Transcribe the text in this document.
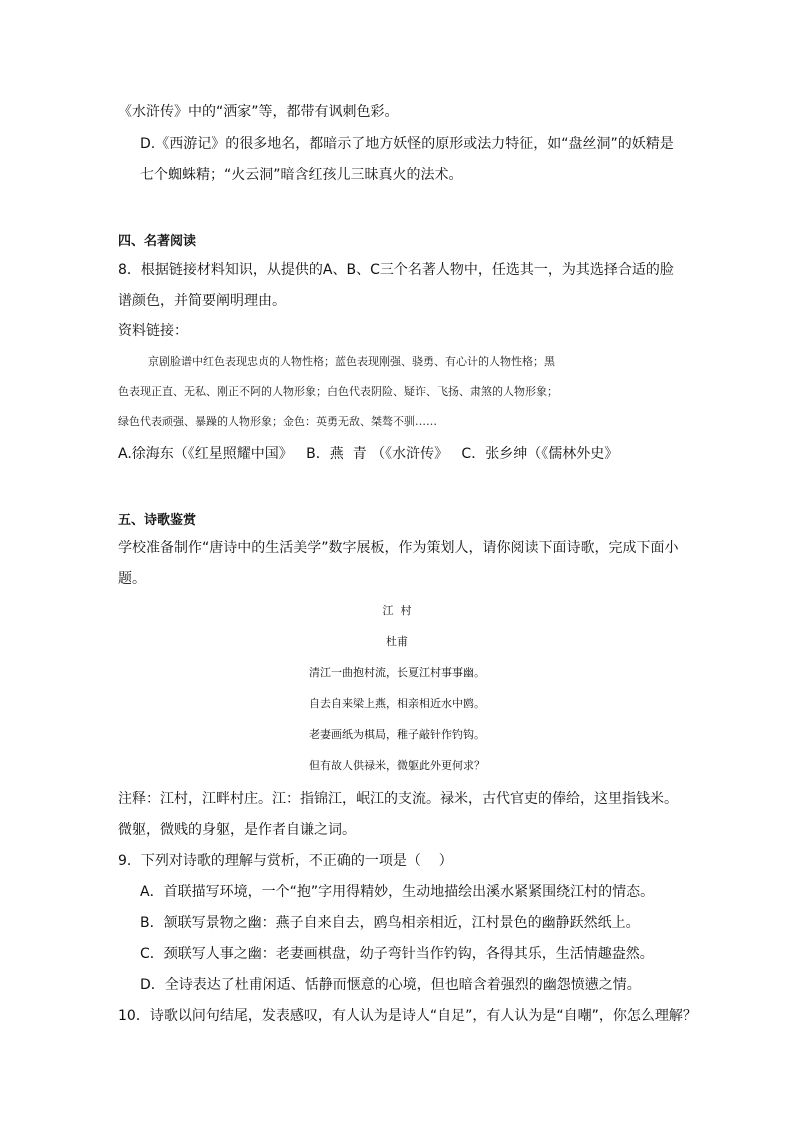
《水浒传》中的“洒家”等，都带有讽刺色彩。
D.《西游记》的很多地名，都暗示了地方妖怪的原形或法力特征，如“盘丝洞”的妖精是
七个蜘蛛精；“火云洞”暗含红孩儿三昧真火的法术。
四、名著阅读
8．根据链接材料知识，从提供的A、B、C三个名著人物中，任选其一，为其选择合适的脸
谱颜色，并简要阐明理由。
资料链接：
京剧脸谱中红色表现忠贞的人物性格；蓝色表现刚强、骁勇、有心计的人物性格；黑
色表现正直、无私、刚正不阿的人物形象；白色代表阴险、疑诈、飞扬、肃煞的人物形象；
绿色代表顽强、暴躁的人物形象；金色：英勇无敌、桀骜不驯……
A.徐海东（《红星照耀中国》   B．燕  青 （《水浒传》   C．张乡绅（《儒林外史》
五、诗歌鉴赏
学校准备制作“唐诗中的生活美学”数字展板，作为策划人，请你阅读下面诗歌，完成下面小
题。
江  村
杜甫
清江一曲抱村流，长夏江村事事幽。
自去自来梁上燕，相亲相近水中鸥。
老妻画纸为棋局，稚子敲针作钓钩。
但有故人供禄米，微躯此外更何求？
注释：江村，江畔村庄。江：指锦江，岷江的支流。禄米，古代官吏的俸给，这里指钱米。
微躯，微贱的身躯，是作者自谦之词。
9．下列对诗歌的理解与赏析，不正确的一项是（    ）
A．首联描写环境，一个“抱”字用得精妙，生动地描绘出溪水紧紧围绕江村的情态。
B．颔联写景物之幽：燕子自来自去，鸥鸟相亲相近，江村景色的幽静跃然纸上。
C．颈联写人事之幽：老妻画棋盘，幼子弯针当作钓钩，各得其乐，生活情趣盎然。
D．全诗表达了杜甫闲适、恬静而惬意的心境，但也暗含着强烈的幽怨愤懑之情。
10．诗歌以问句结尾，发表感叹，有人认为是诗人“自足”，有人认为是“自嘲”，你怎么理解？
